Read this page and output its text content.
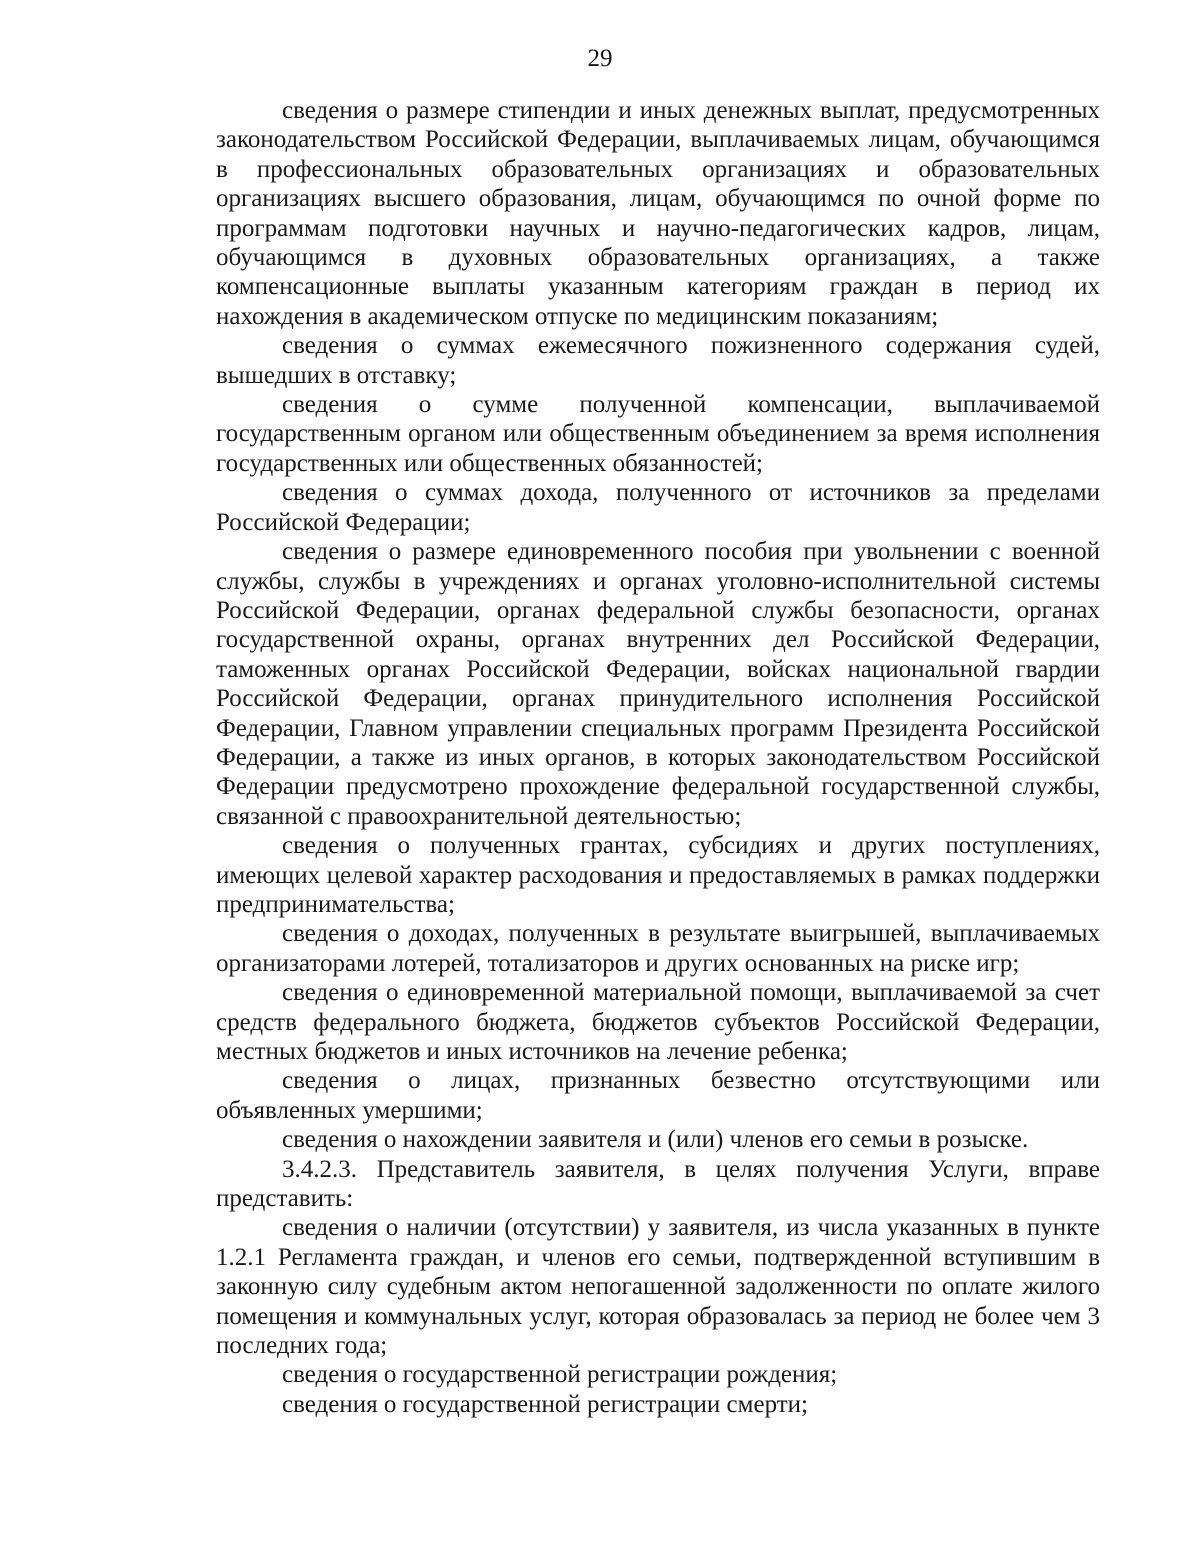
29

сведения о размере стипендии и иных денежных выплат, предусмотренных законодательством Российской Федерации, выплачиваемых лицам, обучающимся в профессиональных образовательных организациях и образовательных организациях высшего образования, лицам, обучающимся по очной форме по программам подготовки научных и научно-педагогических кадров, лицам, обучающимся в духовных образовательных организациях, а также компенсационные выплаты указанным категориям граждан в период их нахождения в академическом отпуске по медицинским показаниям;

сведения о суммах ежемесячного пожизненного содержания судей, вышедших в отставку;

сведения о сумме полученной компенсации, выплачиваемой государственным органом или общественным объединением за время исполнения государственных или общественных обязанностей;

сведения о суммах дохода, полученного от источников за пределами Российской Федерации;

сведения о размере единовременного пособия при увольнении с военной службы, службы в учреждениях и органах уголовно-исполнительной системы Российской Федерации, органах федеральной службы безопасности, органах государственной охраны, органах внутренних дел Российской Федерации, таможенных органах Российской Федерации, войсках национальной гвардии Российской Федерации, органах принудительного исполнения Российской Федерации, Главном управлении специальных программ Президента Российской Федерации, а также из иных органов, в которых законодательством Российской Федерации предусмотрено прохождение федеральной государственной службы, связанной с правоохранительной деятельностью;

сведения о полученных грантах, субсидиях и других поступлениях, имеющих целевой характер расходования и предоставляемых в рамках поддержки предпринимательства;

сведения о доходах, полученных в результате выигрышей, выплачиваемых организаторами лотерей, тотализаторов и других основанных на риске игр;

сведения о единовременной материальной помощи, выплачиваемой за счет средств федерального бюджета, бюджетов субъектов Российской Федерации, местных бюджетов и иных источников на лечение ребенка;

сведения о лицах, признанных безвестно отсутствующими или объявленных умершими;

сведения о нахождении заявителя и (или) членов его семьи в розыске.

3.4.2.3. Представитель заявителя, в целях получения Услуги, вправе представить:

сведения о наличии (отсутствии) у заявителя, из числа указанных в пункте 1.2.1 Регламента граждан, и членов его семьи, подтвержденной вступившим в законную силу судебным актом непогашенной задолженности по оплате жилого помещения и коммунальных услуг, которая образовалась за период не более чем 3 последних года;

сведения о государственной регистрации рождения;

сведения о государственной регистрации смерти;
